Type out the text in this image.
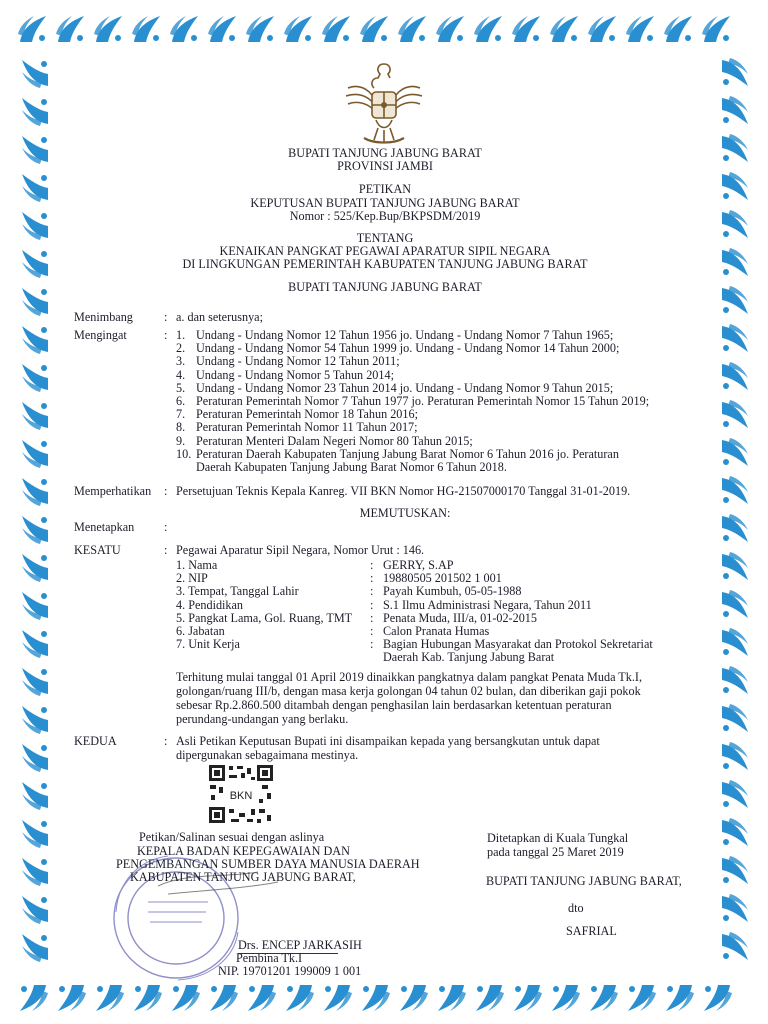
BUPATI TANJUNG JABUNG BARAT
PROVINSI JAMBI
PETIKAN
KEPUTUSAN BUPATI TANJUNG JABUNG BARAT
Nomor : 525/Kep.Bup/BKPSDM/2019
TENTANG
KENAIKAN PANGKAT PEGAWAI APARATUR SIPIL NEGARA
DI LINGKUNGAN PEMERINTAH KABUPATEN TANJUNG JABUNG BARAT
BUPATI TANJUNG JABUNG BARAT
Menimbang	: a. dan seterusnya;
Mengingat	: 1. Undang - Undang Nomor 12 Tahun 1956 jo. Undang - Undang Nomor 7 Tahun 1965;
2. Undang - Undang Nomor 54 Tahun 1999 jo. Undang - Undang Nomor 14 Tahun 2000;
3. Undang - Undang Nomor 12 Tahun 2011;
4. Undang - Undang Nomor 5 Tahun 2014;
5. Undang - Undang Nomor 23 Tahun 2014 jo. Undang - Undang Nomor 9 Tahun 2015;
6. Peraturan Pemerintah Nomor 7 Tahun 1977 jo. Peraturan Pemerintah Nomor 15 Tahun 2019;
7. Peraturan Pemerintah Nomor 18 Tahun 2016;
8. Peraturan Pemerintah Nomor 11 Tahun 2017;
9. Peraturan Menteri Dalam Negeri Nomor 80 Tahun 2015;
10. Peraturan Daerah Kabupaten Tanjung Jabung Barat Nomor 6 Tahun 2016 jo. Peraturan
Daerah Kabupaten Tanjung Jabung Barat Nomor 6 Tahun 2018.
Memperhatikan : Persetujuan Teknis Kepala Kanreg. VII BKN Nomor HG-21507000170 Tanggal 31-01-2019.
MEMUTUSKAN:
Menetapkan :
KESATU	: Pegawai Aparatur Sipil Negara, Nomor Urut : 146.
1. Nama	: GERRY, S.AP
2. NIP	: 19880505 201502 1 001
3. Tempat, Tanggal Lahir	: Payah Kumbuh, 05-05-1988
4. Pendidikan	: S.1 Ilmu Administrasi Negara, Tahun 2011
5. Pangkat Lama, Gol. Ruang, TMT : Penata Muda, III/a, 01-02-2015
6. Jabatan	: Calon Pranata Humas
7. Unit Kerja	: Bagian Hubungan Masyarakat dan Protokol Sekretariat
Daerah Kab. Tanjung Jabung Barat
Terhitung mulai tanggal 01 April 2019 dinaikkan pangkatnya dalam pangkat Penata Muda Tk.I,
golongan/ruang III/b, dengan masa kerja golongan 04 tahun 02 bulan, dan diberikan gaji pokok
sebesar Rp.2.860.500 ditambah dengan penghasilan lain berdasarkan ketentuan peraturan
perundang-undangan yang berlaku.
KEDUA	: Asli Petikan Keputusan Bupati ini disampaikan kepada yang bersangkutan untuk dapat
dipergunakan sebagaimana mestinya.
BKN
Petikan/Salinan sesuai dengan aslinya
KEPALA BADAN KEPEGAWAIAN DAN
PENGEMBANGAN SUMBER DAYA MANUSIA DAERAH
KABUPATEN TANJUNG JABUNG BARAT,
Drs. ENCEP JARKASIH
Pembina Tk.I
NIP. 19701201 199009 1 001
Ditetapkan di Kuala Tungkal
pada tanggal 25 Maret 2019
BUPATI TANJUNG JABUNG BARAT,
dto
SAFRIAL
